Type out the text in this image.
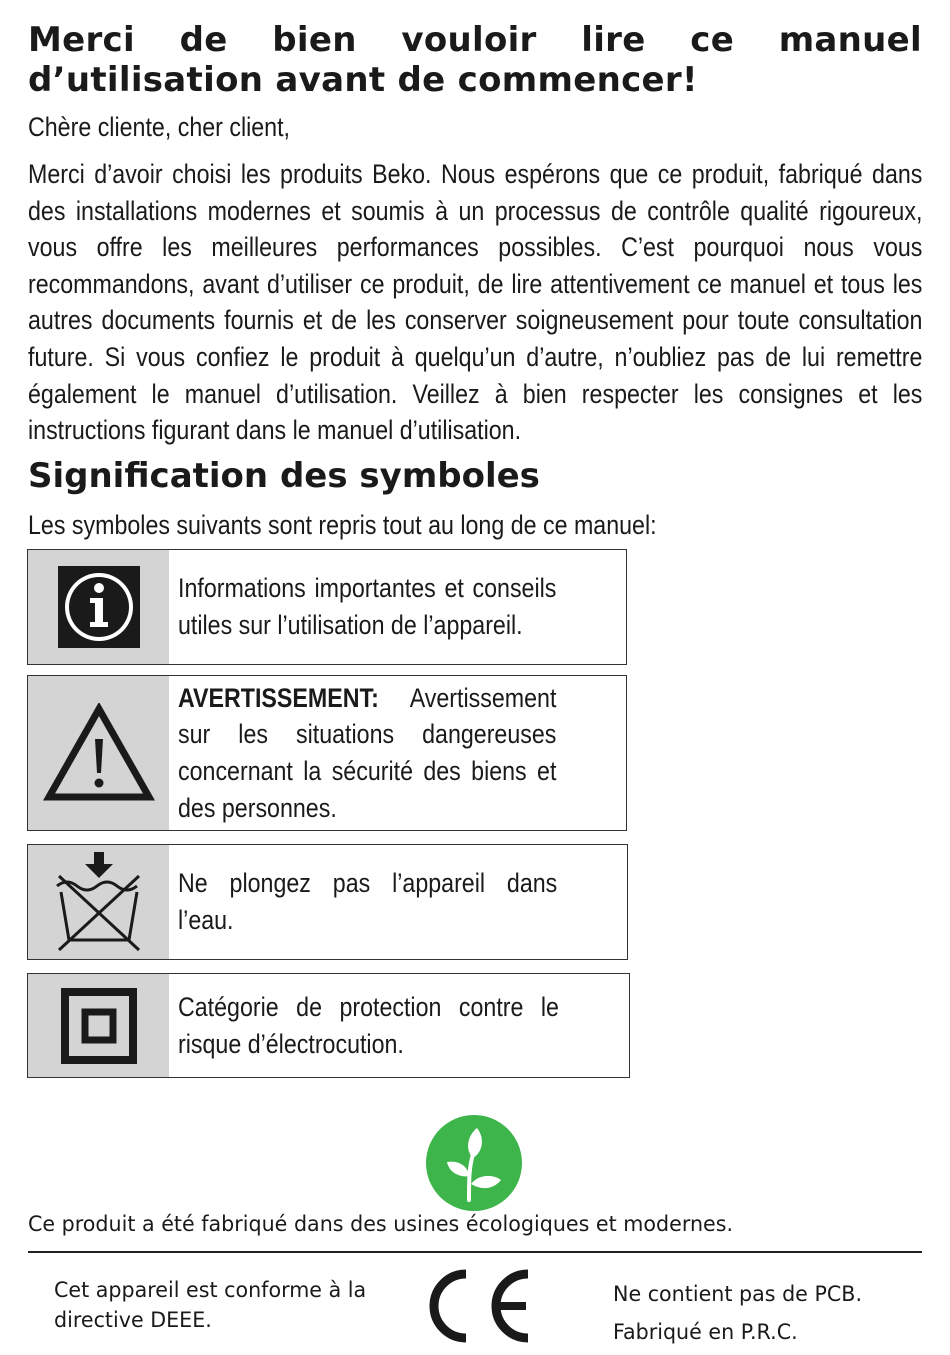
Merci de bien vouloir lire ce manuel d’utilisation avant de commencer!

Chère cliente, cher client,

Merci d’avoir choisi les produits Beko. Nous espérons que ce produit, fabriqué dans des installations modernes et soumis à un processus de contrôle qualité rigoureux, vous offre les meilleures performances possibles. C’est pourquoi nous vous recommandons, avant d’utiliser ce produit, de lire attentivement ce manuel et tous les autres documents fournis et de les conserver soigneusement pour toute consultation future. Si vous confiez le produit à quelqu’un d’autre, n’oubliez pas de lui remettre également le manuel d’utilisation. Veillez à bien respecter les consignes et les instructions figurant dans le manuel d’utilisation.

Signification des symboles

Les symboles suivants sont repris tout au long de ce manuel:

Informations importantes et conseils utiles sur l’utilisation de l’appareil.

AVERTISSEMENT: Avertissement sur les situations dangereuses concernant la sécurité des biens et des personnes.

Ne plongez pas l’appareil dans l’eau.

Catégorie de protection contre le risque d’électrocution.

Ce produit a été fabriqué dans des usines écologiques et modernes.

Cet appareil est conforme à la directive DEEE.

Ne contient pas de PCB.
Fabriqué en P.R.C.
